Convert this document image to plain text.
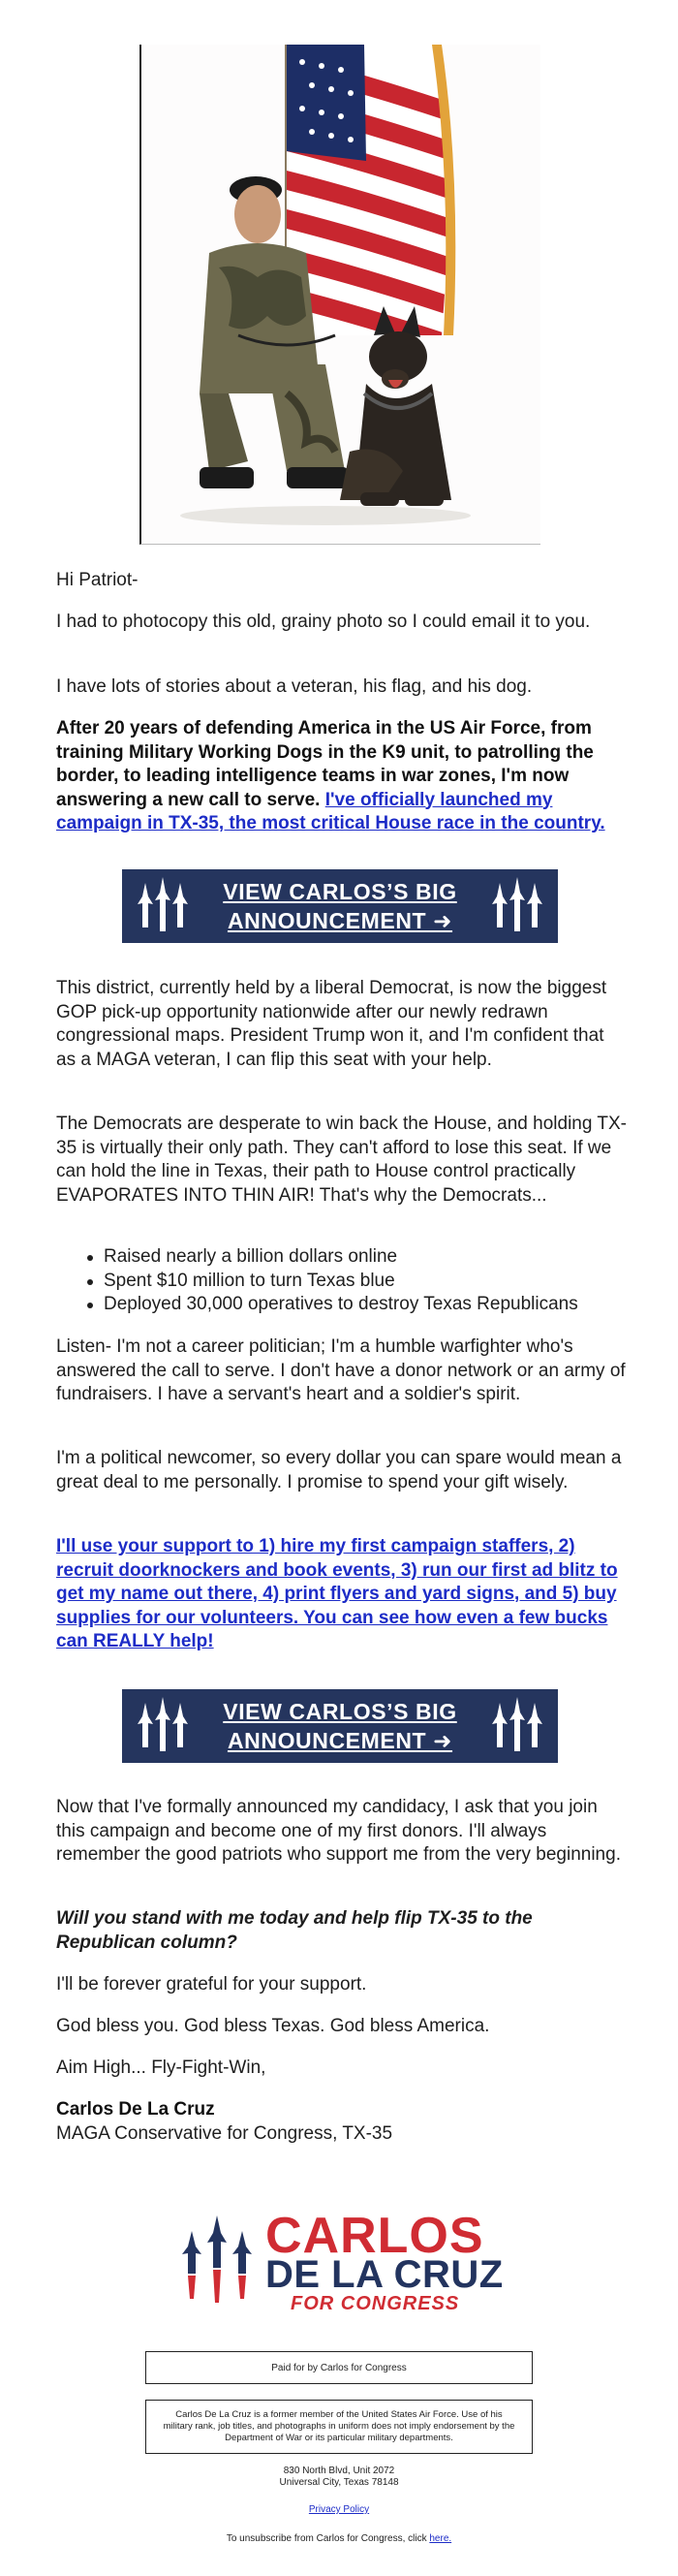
Hi Patriot-

I had to photocopy this old, grainy photo so I could email it to you.

I have lots of stories about a veteran, his flag, and his dog.

After 20 years of defending America in the US Air Force, from training Military Working Dogs in the K9 unit, to patrolling the border, to leading intelligence teams in war zones, I'm now answering a new call to serve. I've officially launched my campaign in TX-35, the most critical House race in the country.

VIEW CARLOS’S BIG
ANNOUNCEMENT ➜

This district, currently held by a liberal Democrat, is now the biggest GOP pick-up opportunity nationwide after our newly redrawn congressional maps. President Trump won it, and I'm confident that as a MAGA veteran, I can flip this seat with your help.

The Democrats are desperate to win back the House, and holding TX-35 is virtually their only path. They can't afford to lose this seat. If we can hold the line in Texas, their path to House control practically EVAPORATES INTO THIN AIR! That's why the Democrats...

Raised nearly a billion dollars online
Spent $10 million to turn Texas blue
Deployed 30,000 operatives to destroy Texas Republicans

Listen- I'm not a career politician; I'm a humble warfighter who's answered the call to serve. I don't have a donor network or an army of fundraisers. I have a servant's heart and a soldier's spirit.

I'm a political newcomer, so every dollar you can spare would mean a great deal to me personally. I promise to spend your gift wisely.

I'll use your support to 1) hire my first campaign staffers, 2) recruit doorknockers and book events, 3) run our first ad blitz to get my name out there, 4) print flyers and yard signs, and 5) buy supplies for our volunteers. You can see how even a few bucks can REALLY help!

VIEW CARLOS’S BIG
ANNOUNCEMENT ➜

Now that I've formally announced my candidacy, I ask that you join this campaign and become one of my first donors. I'll always remember the good patriots who support me from the very beginning.

Will you stand with me today and help flip TX-35 to the Republican column?

I'll be forever grateful for your support.

God bless you. God bless Texas. God bless America.

Aim High... Fly-Fight-Win,

Carlos De La Cruz

MAGA Conservative for Congress, TX-35

CARLOS
DE LA CRUZ
FOR CONGRESS
Paid for by Carlos for Congress
Carlos De La Cruz is a former member of the United States Air Force. Use of his military rank, job titles, and photographs in uniform does not imply endorsement by the Department of War or its particular military departments.
830 North Blvd, Unit 2072
Universal City, Texas 78148
Privacy Policy
To unsubscribe from Carlos for Congress, click here.
